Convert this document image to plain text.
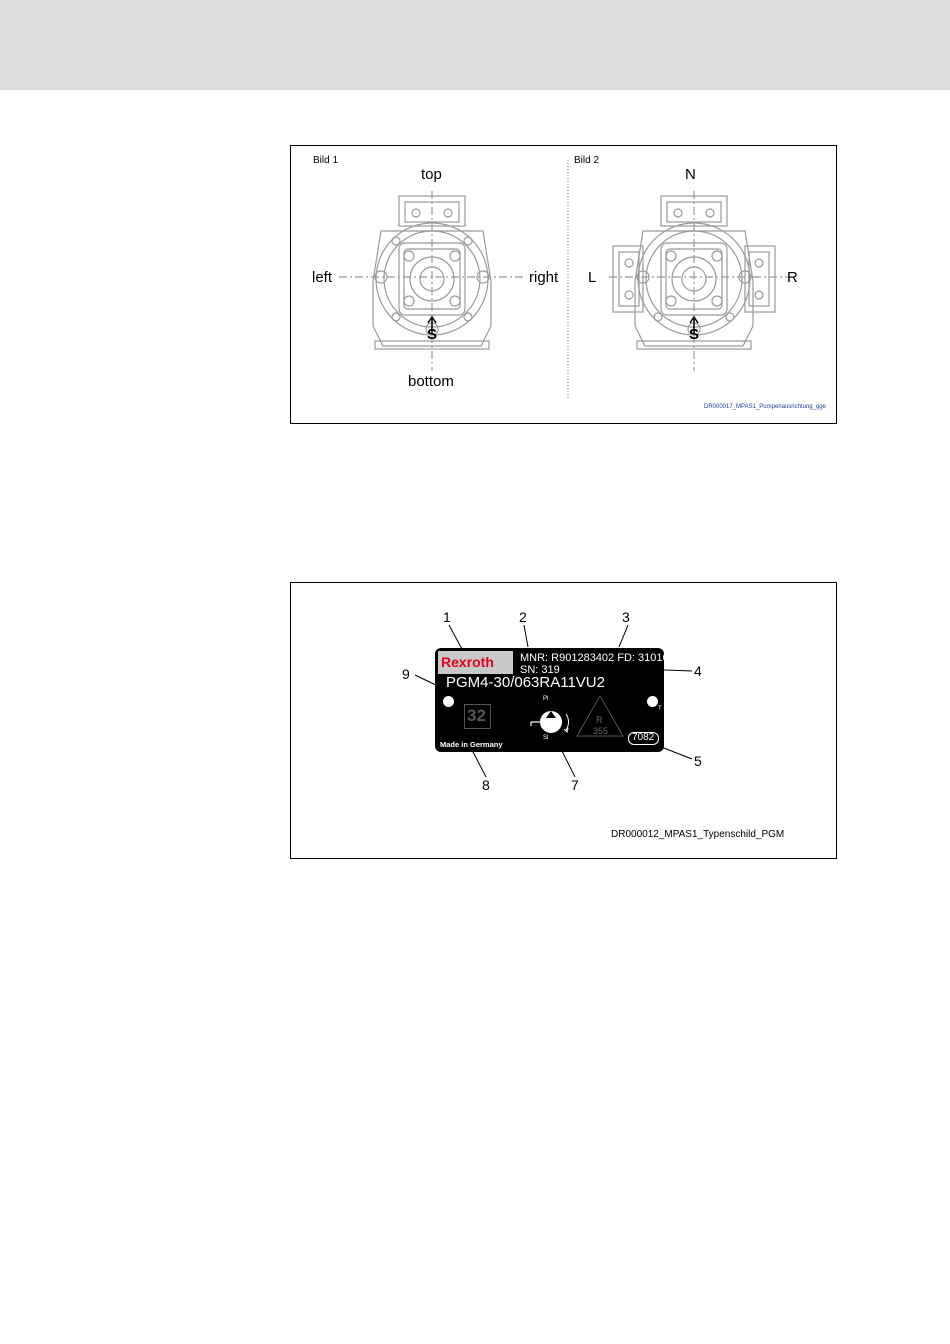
Bild 1	Bild 2
top
left	right
bottom
S
N
L	R
S
DR000017_MPAS1_Pumpenausrichtung_gge
1	2	3
4
5
7
8
9
Rexroth MNR: R901283402 FD: 31016
SN: 319
PGM4-30/063RA11VU2
T
32
Pl
Sl
R
355
7082
Made in Germany
DR000012_MPAS1_Typenschild_PGM
